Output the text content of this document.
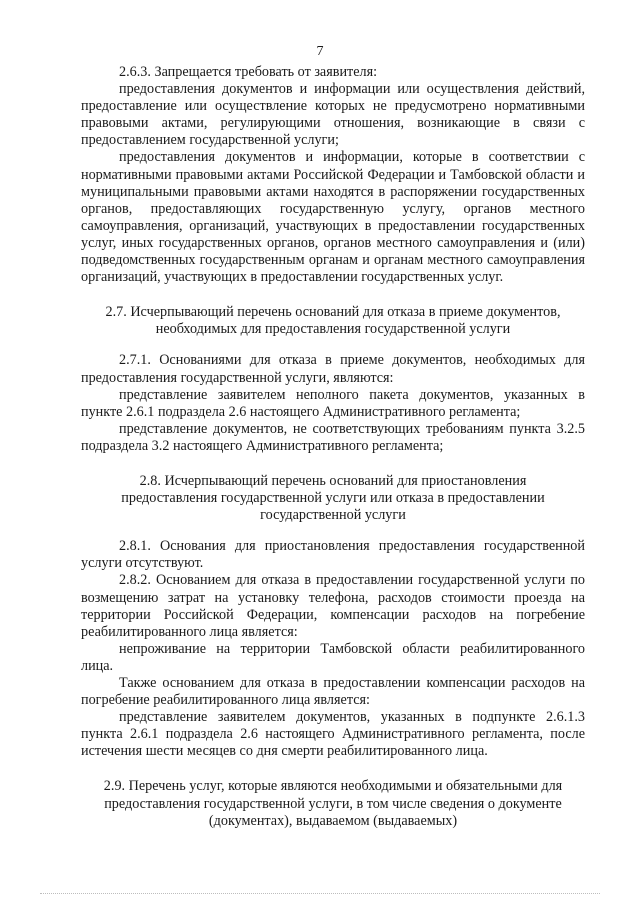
7

2.6.3. Запрещается требовать от заявителя:

предоставления документов и информации или осуществления действий, предоставление или осуществление которых не предусмотрено нормативными правовыми актами, регулирующими отношения, возникающие в связи с предоставлением государственной услуги;

предоставления документов и информации, которые в соответствии с нормативными правовыми актами Российской Федерации и Тамбовской области и муниципальными правовыми актами находятся в распоряжении государственных органов, предоставляющих государственную услугу, органов местного самоуправления, организаций, участвующих в предоставлении государственных услуг, иных государственных органов, органов местного самоуправления и (или) подведомственных государственным органам и органам местного самоуправления организаций, участвующих в предоставлении государственных услуг.

2.7. Исчерпывающий перечень оснований для отказа в приеме документов, необходимых для предоставления государственной услуги

2.7.1. Основаниями для отказа в приеме документов, необходимых для предоставления государственной услуги, являются:

представление заявителем неполного пакета документов, указанных в пункте 2.6.1 подраздела 2.6 настоящего Административного регламента;

представление документов, не соответствующих требованиям пункта 3.2.5 подраздела 3.2 настоящего Административного регламента;

2.8. Исчерпывающий перечень оснований для приостановления предоставления государственной услуги или отказа в предоставлении государственной услуги

2.8.1. Основания для приостановления предоставления государственной услуги отсутствуют.

2.8.2. Основанием для отказа в предоставлении государственной услуги по возмещению затрат на установку телефона, расходов стоимости проезда на территории Российской Федерации, компенсации расходов на погребение реабилитированного лица является:

непроживание на территории Тамбовской области реабилитированного лица.

Также основанием для отказа в предоставлении компенсации расходов на погребение реабилитированного лица является:

представление заявителем документов, указанных в подпункте 2.6.1.3 пункта 2.6.1 подраздела 2.6 настоящего Административного регламента, после истечения шести месяцев со дня смерти реабилитированного лица.

2.9. Перечень услуг, которые являются необходимыми и обязательными для предоставления государственной услуги, в том числе сведения о документе (документах), выдаваемом (выдаваемых)
